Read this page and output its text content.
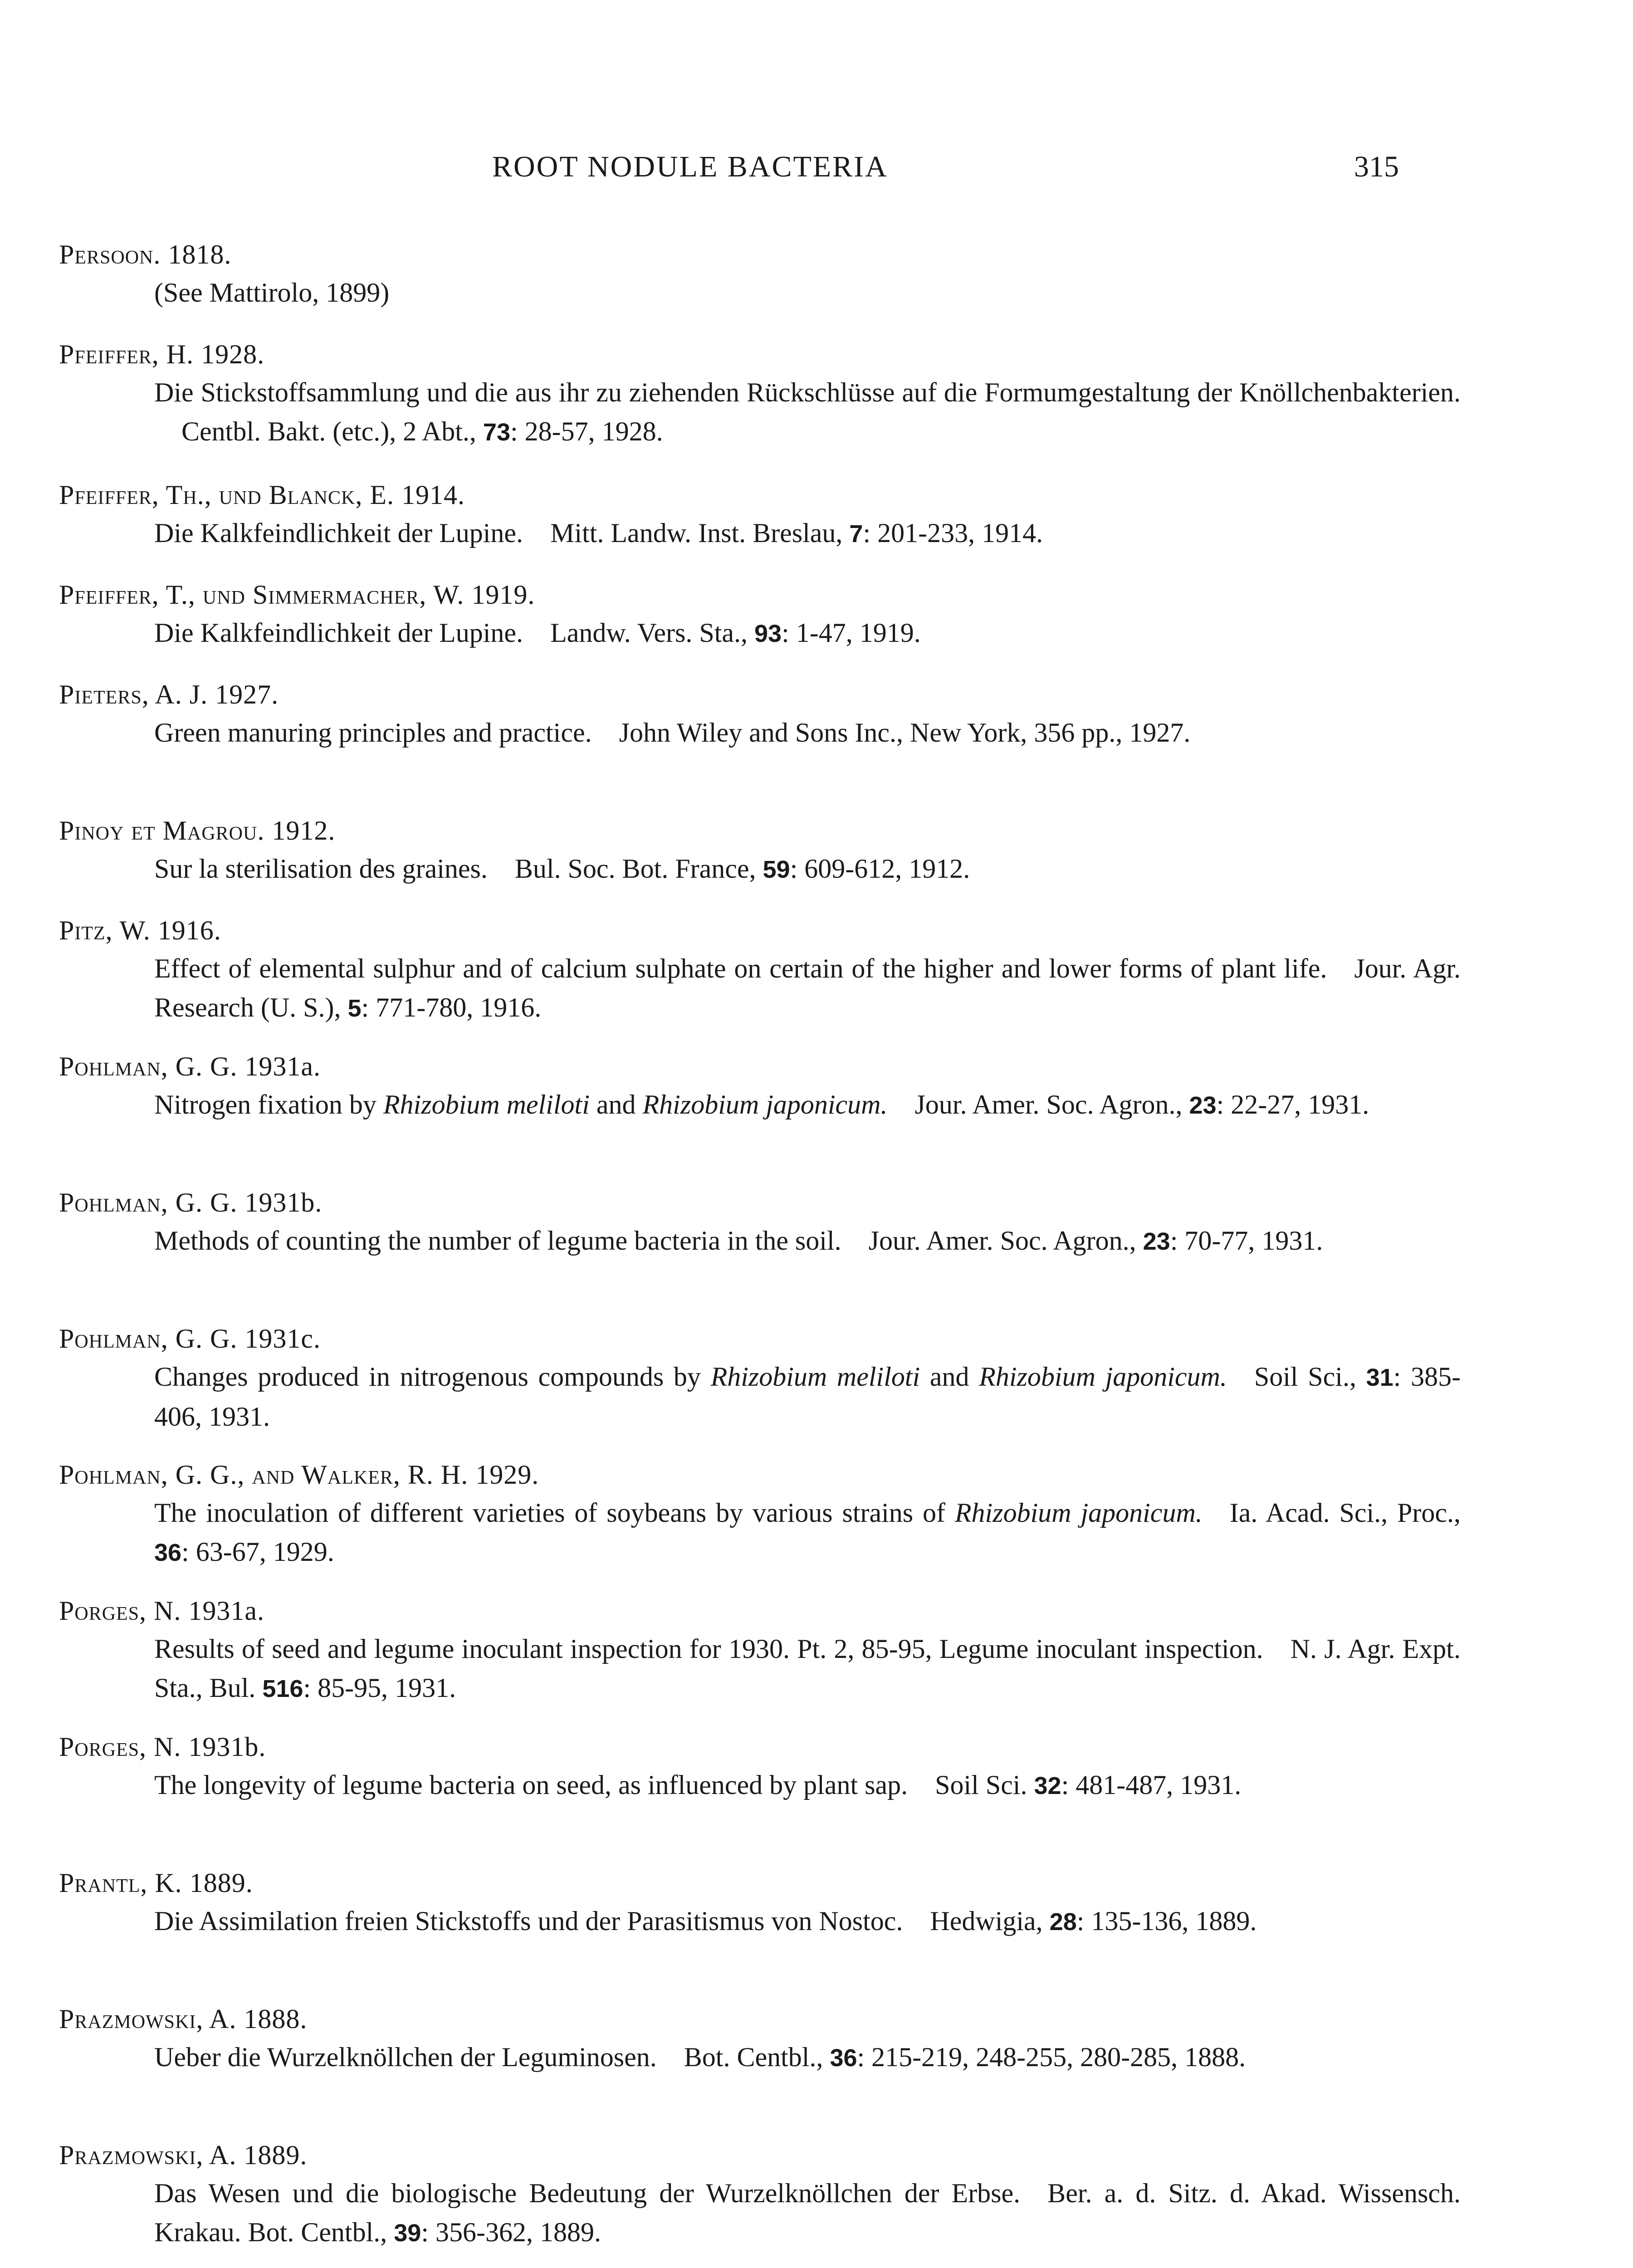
ROOT NODULE BACTERIA	315
Persoon. 1818.
(See Mattirolo, 1899)
Pfeiffer, H. 1928.
Die Stickstoffsammlung und die aus ihr zu ziehenden Rückschlüsse auf die Formumgestaltung der Knöllchenbakterien.Centbl. Bakt. (etc.), 2 Abt., 73: 28-57, 1928.
Pfeiffer, Th., und Blanck, E. 1914.
Die Kalkfeindlichkeit der Lupine. Mitt. Landw. Inst. Breslau, 7: 201-233, 1914.
Pfeiffer, T., und Simmermacher, W. 1919.
Die Kalkfeindlichkeit der Lupine. Landw. Vers. Sta., 93: 1-47, 1919.
Pieters, A. J. 1927.
Green manuring principles and practice. John Wiley and Sons Inc., New York, 356 pp., 1927.
Pinoy et Magrou. 1912.
Sur la sterilisation des graines. Bul. Soc. Bot. France, 59: 609-612, 1912.
Pitz, W. 1916.
Effect of elemental sulphur and of calcium sulphate on certain of the higher and lower forms of plant life. Jour. Agr. Research (U. S.), 5: 771-780, 1916.
Pohlman, G. G. 1931a.
Nitrogen fixation by Rhizobium meliloti and Rhizobium japonicum. Jour. Amer. Soc. Agron., 23: 22-27, 1931.
Pohlman, G. G. 1931b.
Methods of counting the number of legume bacteria in the soil. Jour. Amer. Soc. Agron., 23: 70-77, 1931.
Pohlman, G. G. 1931c.
Changes produced in nitrogenous compounds by Rhizobium meliloti and Rhizobium japonicum. Soil Sci., 31: 385-406, 1931.
Pohlman, G. G., and Walker, R. H. 1929.
The inoculation of different varieties of soybeans by various strains of Rhizobium japonicum. Ia. Acad. Sci., Proc., 36: 63-67, 1929.
Porges, N. 1931a.
Results of seed and legume inoculant inspection for 1930. Pt. 2, 85-95, Legume inoculant inspection. N. J. Agr. Expt. Sta., Bul. 516: 85-95, 1931.
Porges, N. 1931b.
The longevity of legume bacteria on seed, as influenced by plant sap. Soil Sci. 32: 481-487, 1931.
Prantl, K. 1889.
Die Assimilation freien Stickstoffs und der Parasitismus von Nostoc. Hedwigia, 28: 135-136, 1889.
Prazmowski, A. 1888.
Ueber die Wurzelknöllchen der Leguminosen. Bot. Centbl., 36: 215-219, 248-255, 280-285, 1888.
Prazmowski, A. 1889.
Das Wesen und die biologische Bedeutung der Wurzelknöllchen der Erbse. Ber. a. d. Sitz. d. Akad. Wissensch. Krakau. Bot. Centbl., 39: 356-362, 1889.
